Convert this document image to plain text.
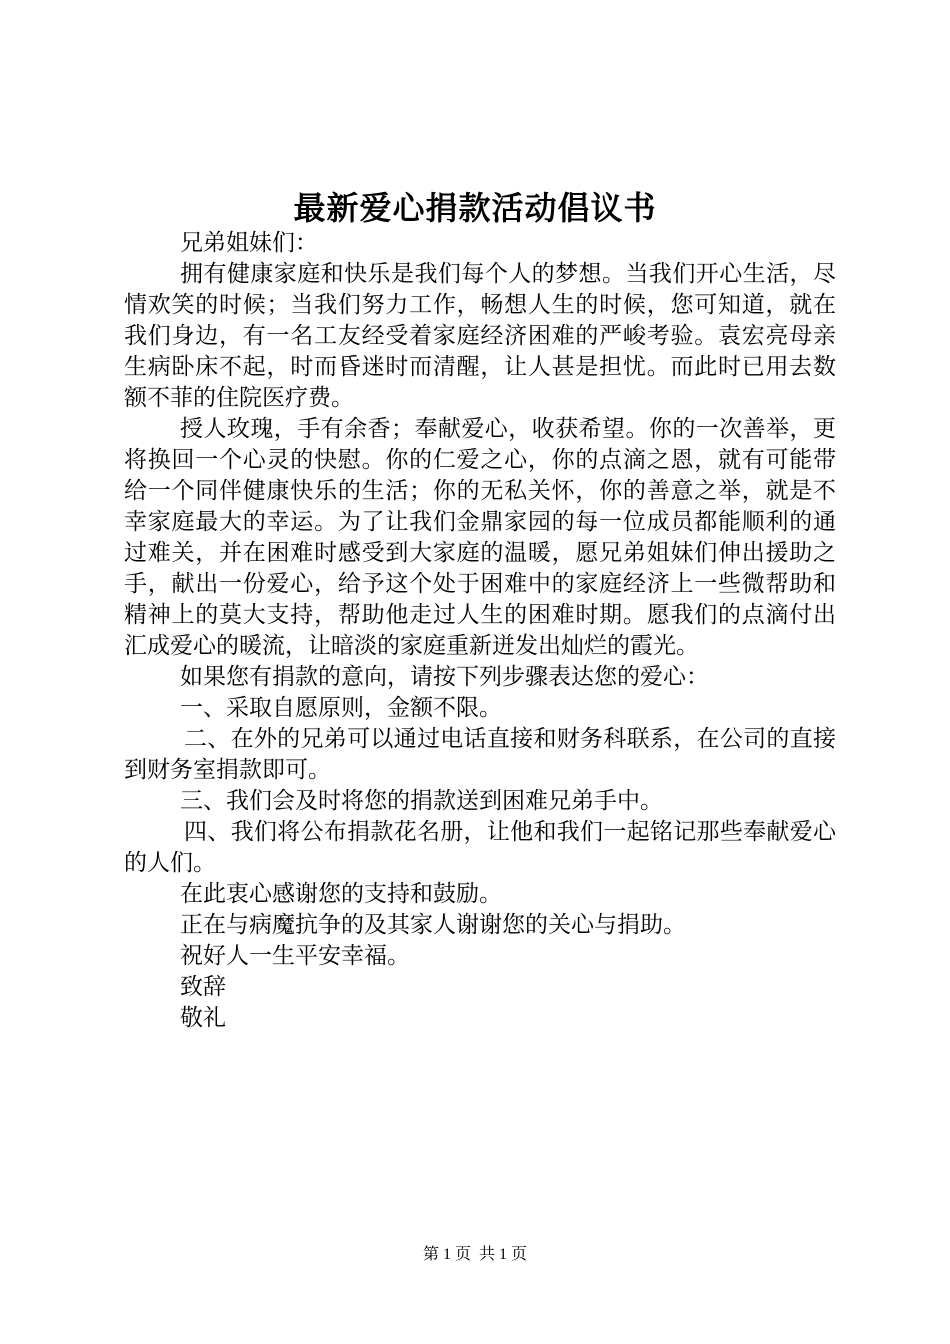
最新爱心捐款活动倡议书

兄弟姐妹们：

拥有健康家庭和快乐是我们每个人的梦想。当我们开心生活，尽情欢笑的时候；当我们努力工作，畅想人生的时候，您可知道，就在我们身边，有一名工友经受着家庭经济困难的严峻考验。袁宏亮母亲生病卧床不起，时而昏迷时而清醒，让人甚是担忧。而此时已用去数额不菲的住院医疗费。

授人玫瑰，手有余香；奉献爱心，收获希望。你的一次善举，更将换回一个心灵的快慰。你的仁爱之心，你的点滴之恩，就有可能带给一个同伴健康快乐的生活；你的无私关怀，你的善意之举，就是不幸家庭最大的幸运。为了让我们金鼎家园的每一位成员都能顺利的通过难关，并在困难时感受到大家庭的温暖，愿兄弟姐妹们伸出援助之手，献出一份爱心，给予这个处于困难中的家庭经济上一些微帮助和精神上的莫大支持，帮助他走过人生的困难时期。愿我们的点滴付出汇成爱心的暖流，让暗淡的家庭重新迸发出灿烂的霞光。

如果您有捐款的意向，请按下列步骤表达您的爱心：

一、采取自愿原则，金额不限。

二、在外的兄弟可以通过电话直接和财务科联系，在公司的直接到财务室捐款即可。

三、我们会及时将您的捐款送到困难兄弟手中。

四、我们将公布捐款花名册，让他和我们一起铭记那些奉献爱心的人们。

在此衷心感谢您的支持和鼓励。

正在与病魔抗争的及其家人谢谢您的关心与捐助。

祝好人一生平安幸福。

致辞

敬礼

第 1 页 共 1 页
